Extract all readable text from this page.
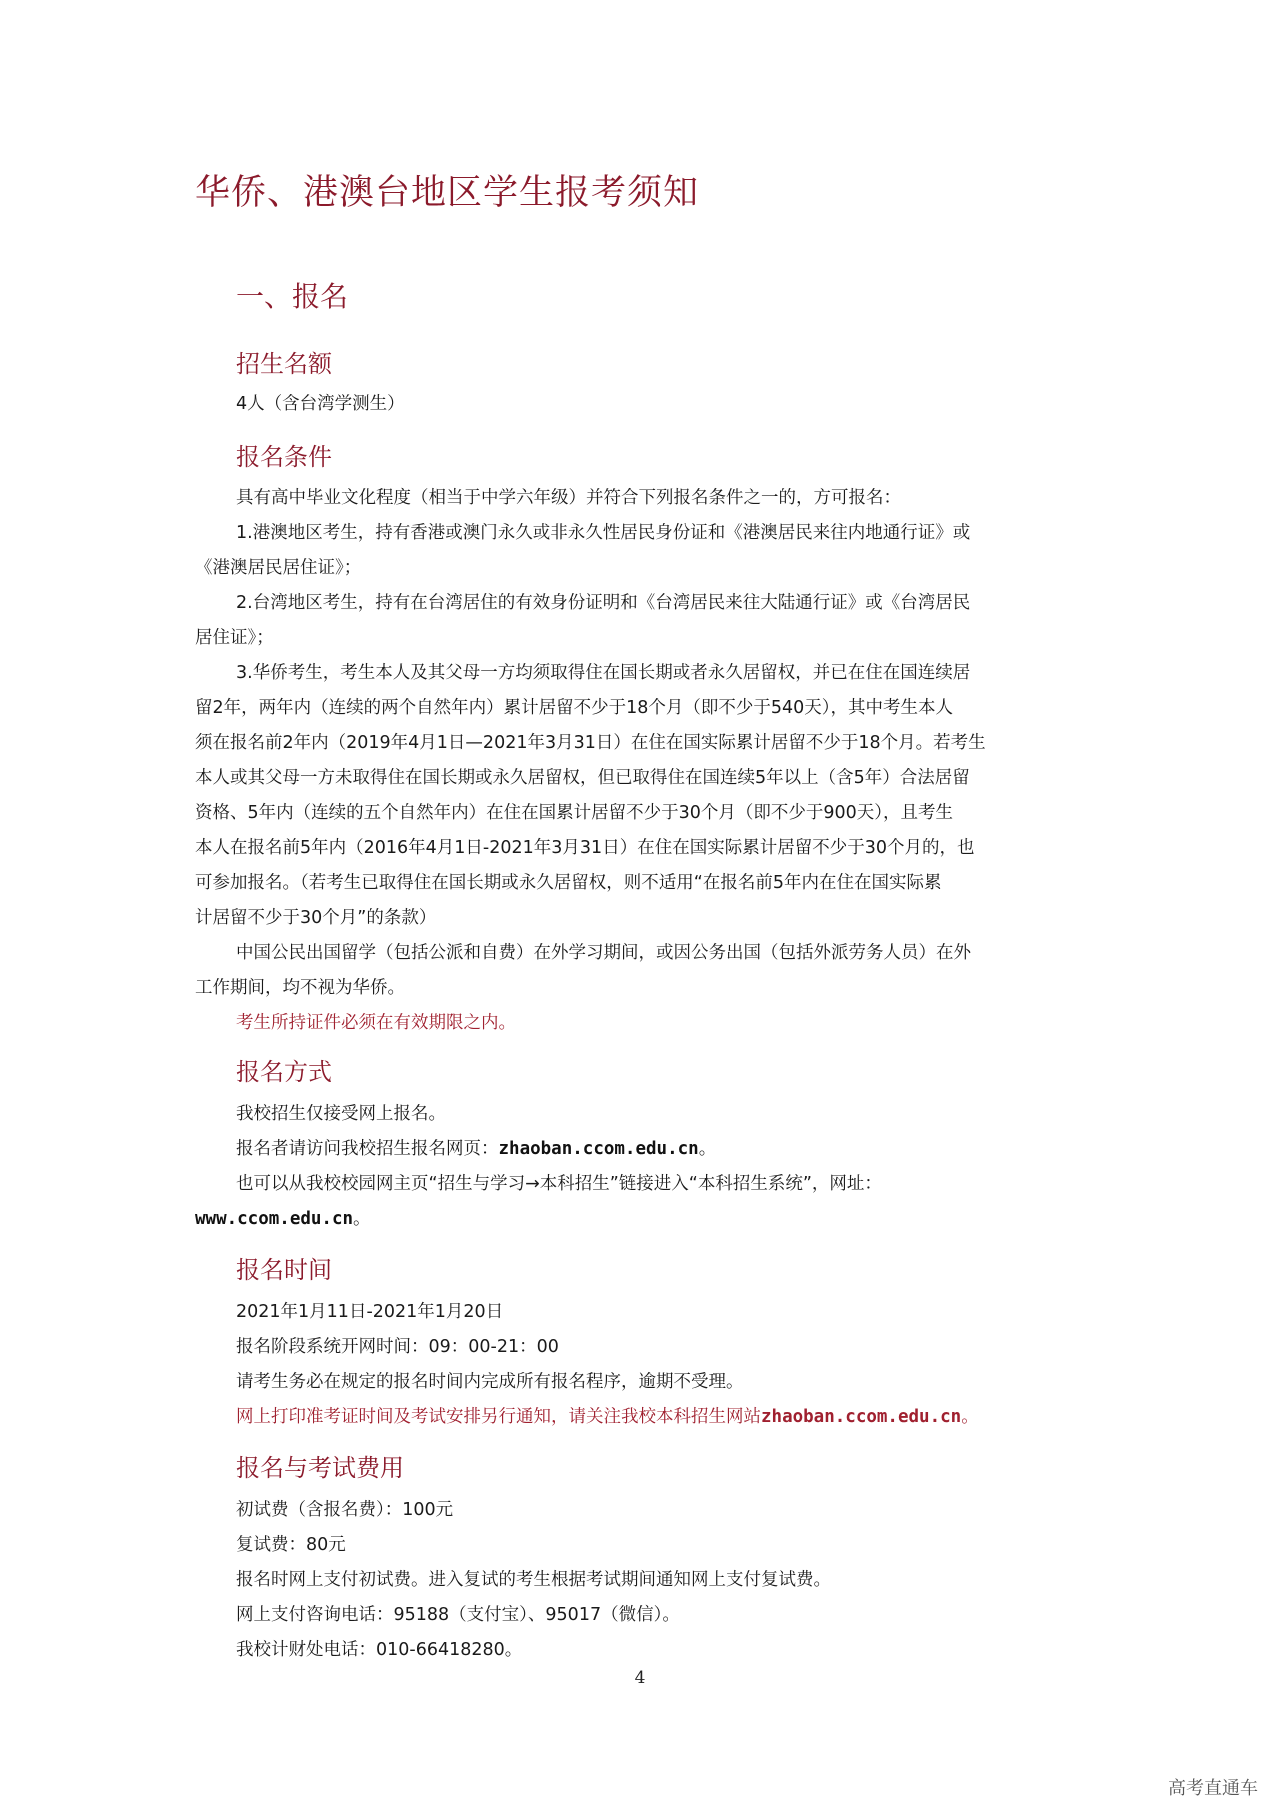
华侨、港澳台地区学生报考须知
一、报名
招生名额
4人（含台湾学测生）
报名条件
具有高中毕业文化程度（相当于中学六年级）并符合下列报名条件之一的，方可报名：
1.港澳地区考生，持有香港或澳门永久或非永久性居民身份证和《港澳居民来往内地通行证》或
《港澳居民居住证》；
2.台湾地区考生，持有在台湾居住的有效身份证明和《台湾居民来往大陆通行证》或《台湾居民
居住证》；
3.华侨考生，考生本人及其父母一方均须取得住在国长期或者永久居留权，并已在住在国连续居
留2年，两年内（连续的两个自然年内）累计居留不少于18个月（即不少于540天），其中考生本人
须在报名前2年内（2019年4月1日—2021年3月31日）在住在国实际累计居留不少于18个月。若考生
本人或其父母一方未取得住在国长期或永久居留权，但已取得住在国连续5年以上（含5年）合法居留
资格、5年内（连续的五个自然年内）在住在国累计居留不少于30个月（即不少于900天），且考生
本人在报名前5年内（2016年4月1日-2021年3月31日）在住在国实际累计居留不少于30个月的，也
可参加报名。（若考生已取得住在国长期或永久居留权，则不适用“在报名前5年内在住在国实际累
计居留不少于30个月”的条款）
中国公民出国留学（包括公派和自费）在外学习期间，或因公务出国（包括外派劳务人员）在外
工作期间，均不视为华侨。
考生所持证件必须在有效期限之内。
报名方式
我校招生仅接受网上报名。
报名者请访问我校招生报名网页：zhaoban.ccom.edu.cn。
也可以从我校校园网主页“招生与学习→本科招生”链接进入“本科招生系统”，网址：
www.ccom.edu.cn。
报名时间
2021年1月11日-2021年1月20日
报名阶段系统开网时间：09：00-21：00
请考生务必在规定的报名时间内完成所有报名程序，逾期不受理。
网上打印准考证时间及考试安排另行通知，请关注我校本科招生网站zhaoban.ccom.edu.cn。
报名与考试费用
初试费（含报名费）：100元
复试费：80元
报名时网上支付初试费。进入复试的考生根据考试期间通知网上支付复试费。
网上支付咨询电话：95188（支付宝）、95017（微信）。
我校计财处电话：010-66418280。
4
高考直通车
